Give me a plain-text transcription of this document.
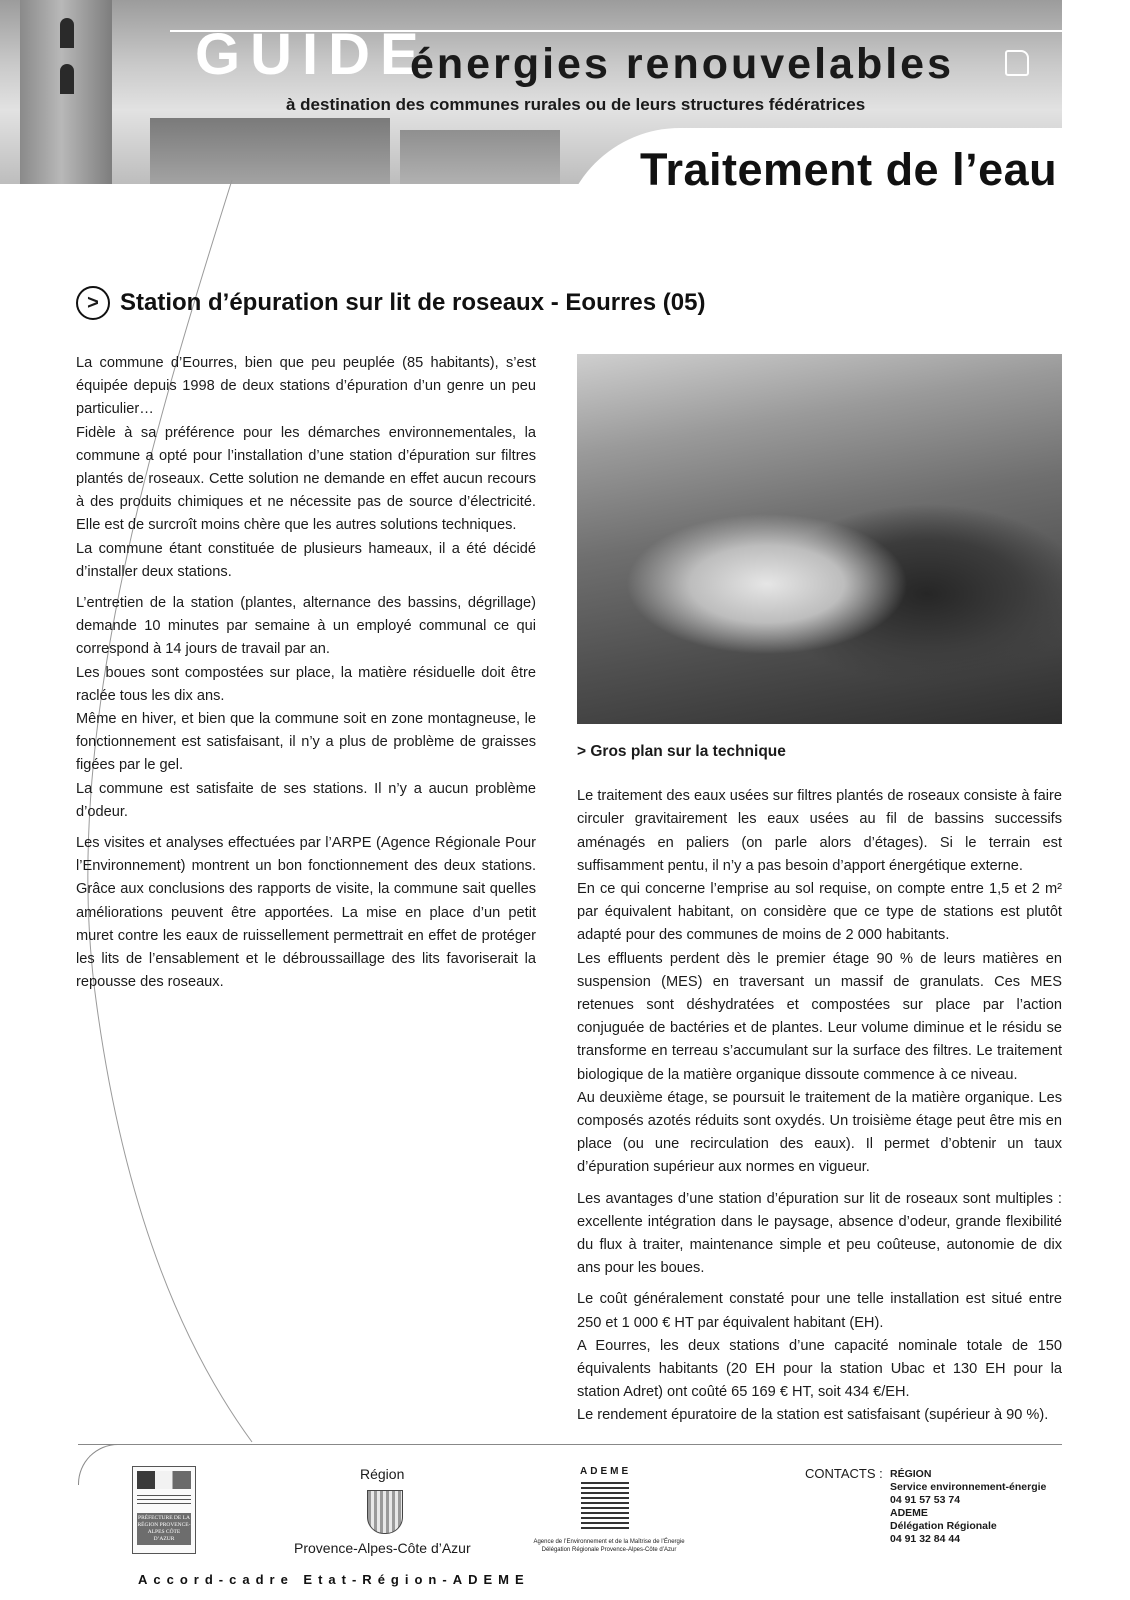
GUIDE
énergies renouvelables
à destination des communes rurales ou de leurs structures fédératrices
Traitement de l’eau
> Station d’épuration sur lit de roseaux - Eourres (05)

La commune d’Eourres, bien que peu peuplée (85 habitants), s’est équipée depuis 1998 de deux stations d’épuration d’un genre un peu particulier…

Fidèle à sa préférence pour les démarches environnementales, la commune a opté pour l’installation d’une station d’épuration sur filtres plantés de roseaux. Cette solution ne demande en effet aucun recours à des produits chimiques et ne nécessite pas de source d’électricité. Elle est de surcroît moins chère que les autres solutions techniques.

La commune étant constituée de plusieurs hameaux, il a été décidé d’installer deux stations.

L’entretien de la station (plantes, alternance des bassins, dégrillage) demande 10 minutes par semaine à un employé communal ce qui correspond à 14 jours de travail par an.

Les boues sont compostées sur place, la matière résiduelle doit être raclée tous les dix ans.

Même en hiver, et bien que la commune soit en zone montagneuse, le fonctionnement est satisfaisant, il n’y a plus de problème de graisses figées par le gel.

La commune est satisfaite de ses stations. Il n’y a aucun problème d’odeur.

Les visites et analyses effectuées par l’ARPE (Agence Régionale Pour l’Environnement) montrent un bon fonctionnement des deux stations. Grâce aux conclusions des rapports de visite, la commune sait quelles améliorations peuvent être apportées. La mise en place d’un petit muret contre les eaux de ruissellement permettrait en effet de protéger les lits de l’ensablement et le débroussaillage des lits favoriserait la repousse des roseaux.

> Gros plan sur la technique

Le traitement des eaux usées sur filtres plantés de roseaux consiste à faire circuler gravitairement les eaux usées au fil de bassins successifs aménagés en paliers (on parle alors d’étages). Si le terrain est suffisamment pentu, il n’y a pas besoin d’apport énergétique externe.

En ce qui concerne l’emprise au sol requise, on compte entre 1,5 et 2 m² par équivalent habitant, on considère que ce type de stations est plutôt adapté pour des communes de moins de 2 000 habitants.

Les effluents perdent dès le premier étage 90 % de leurs matières en suspension (MES) en traversant un massif de granulats. Ces MES retenues sont déshydratées et compostées sur place par l’action conjuguée de bactéries et de plantes. Leur volume diminue et le résidu se transforme en terreau s’accumulant sur la surface des filtres. Le traitement biologique de la matière organique dissoute commence à ce niveau.

Au deuxième étage, se poursuit le traitement de la matière organique. Les composés azotés réduits sont oxydés. Un troisième étage peut être mis en place (ou une recirculation des eaux). Il permet d’obtenir un taux d’épuration supérieur aux normes en vigueur.

Les avantages d’une station d’épuration sur lit de roseaux sont multiples : excellente intégration dans le paysage, absence d’odeur, grande flexibilité du flux à traiter, maintenance simple et peu coûteuse, autonomie de dix ans pour les boues.

Le coût généralement constaté pour une telle installation est situé entre 250 et 1 000 € HT par équivalent habitant (EH).

A Eourres, les deux stations d’une capacité nominale totale de 150 équivalents habitants (20 EH pour la station Ubac et 130 EH pour la station Adret) ont coûté 65 169 € HT, soit 434 €/EH.

Le rendement épuratoire de la station est satisfaisant (supérieur à 90 %).

PRÉFECTURE DE LA RÉGION PROVENCE-ALPES CÔTE D’AZUR
Région
Provence-Alpes-Côte d’Azur
ADEME
Agence de l’Environnement et de la Maîtrise de l’Énergie Délégation Régionale Provence-Alpes-Côte d’Azur
CONTACTS : RÉGION
Service environnement-énergie
04 91 57 53 74
ADEME
Délégation Régionale
04 91 32 84 44
Accord-cadre Etat-Région-ADEME
